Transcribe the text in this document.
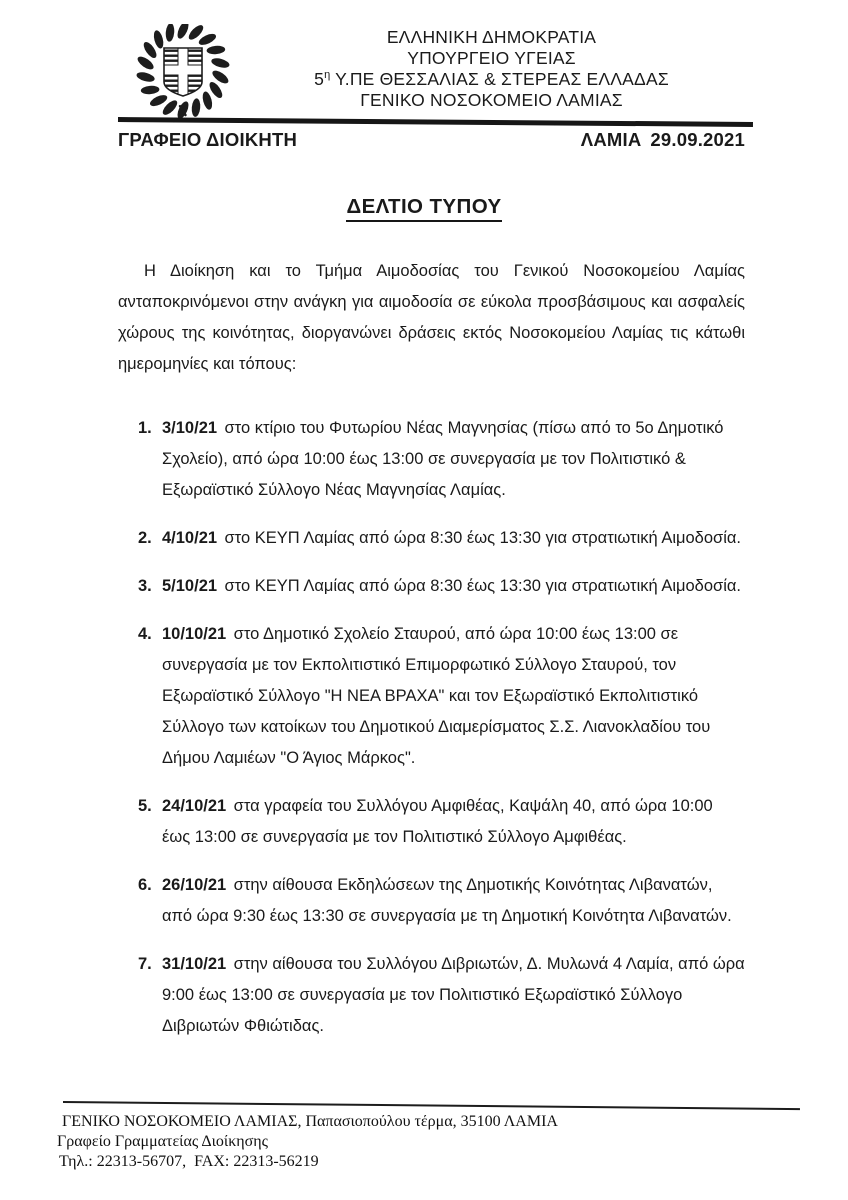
ΕΛΛΗΝΙΚΗ ΔΗΜΟΚΡΑΤΙΑ
ΥΠΟΥΡΓΕΙΟ ΥΓΕΙΑΣ
$5^\eta$ Υ.ΠΕ ΘΕΣΣΑΛΙΑΣ & ΣΤΕΡΕΑΣ ΕΛΛΑΔΑΣ
ΓΕΝΙΚΟ ΝΟΣΟΚΟΜΕΙΟ ΛΑΜΙΑΣ
ΓΡΑΦΕΙΟ ΔΙΟΙΚΗΤΗ	ΛΑΜΙΑ 29.09.2021
ΔΕΛΤΙΟ ΤΥΠΟΥ

Η Διοίκηση και το Τμήμα Αιμοδοσίας του Γενικού Νοσοκομείου Λαμίας ανταποκρινόμενοι στην ανάγκη για αιμοδοσία σε εύκολα προσβάσιμους και ασφαλείς χώρους της κοινότητας, διοργανώνει δράσεις εκτός Νοσοκομείου Λαμίας τις κάτωθι ημερομηνίες και τόπους:

1. 3/10/21 στο κτίριο του Φυτωρίου Νέας Μαγνησίας (πίσω από το 5ο Δημοτικό Σχολείο), από ώρα 10:00 έως 13:00 σε συνεργασία με τον Πολιτιστικό & Εξωραϊστικό Σύλλογο Νέας Μαγνησίας Λαμίας.
2. 4/10/21 στο ΚΕΥΠ Λαμίας από ώρα 8:30 έως 13:30 για στρατιωτική Αιμοδοσία.
3. 5/10/21 στο ΚΕΥΠ Λαμίας από ώρα 8:30 έως 13:30 για στρατιωτική Αιμοδοσία.
4. 10/10/21 στο Δημοτικό Σχολείο Σταυρού, από ώρα 10:00 έως 13:00 σε συνεργασία με τον Εκπολιτιστικό Επιμορφωτικό Σύλλογο Σταυρού, τον Εξωραϊστικό Σύλλογο "Η ΝΕΑ ΒΡΑΧΑ" και τον Εξωραϊστικό Εκπολιτιστικό Σύλλογο των κατοίκων του Δημοτικού Διαμερίσματος Σ.Σ. Λιανοκλαδίου του Δήμου Λαμιέων "Ο Άγιος Μάρκος".
5. 24/10/21 στα γραφεία του Συλλόγου Αμφιθέας, Καψάλη 40, από ώρα 10:00 έως 13:00 σε συνεργασία με τον Πολιτιστικό Σύλλογο Αμφιθέας.
6. 26/10/21 στην αίθουσα Εκδηλώσεων της Δημοτικής Κοινότητας Λιβανατών, από ώρα 9:30 έως 13:30 σε συνεργασία με τη Δημοτική Κοινότητα Λιβανατών.
7. 31/10/21 στην αίθουσα του Συλλόγου Διβριωτών, Δ. Μυλωνά 4 Λαμία, από ώρα 9:00 έως 13:00 σε συνεργασία με τον Πολιτιστικό Εξωραϊστικό Σύλλογο Διβριωτών Φθιώτιδας.
ΓΕΝΙΚΟ ΝΟΣΟΚΟΜΕΙΟ ΛΑΜΙΑΣ, Παπασιοπούλου τέρμα, 35100 ΛΑΜΙΑ
Γραφείο Γραμματείας Διοίκησης
Τηλ.: 22313-56707,  FAX: 22313-56219
